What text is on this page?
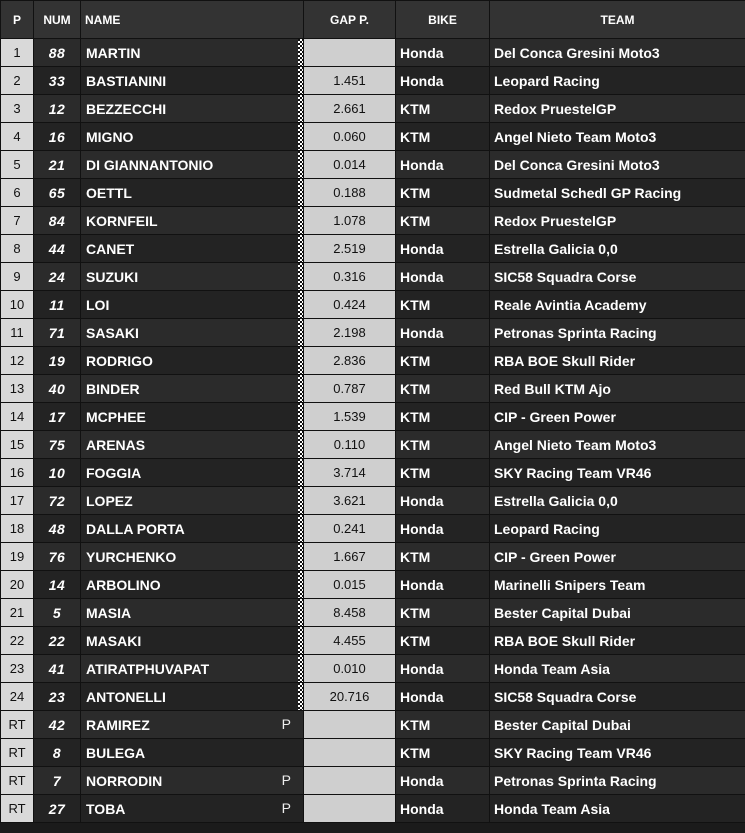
P	NUM	NAME	GAP P.	BIKE	TEAM
1	88	MARTIN		Honda	Del Conca Gresini Moto3
2	33	BASTIANINI	1.451	Honda	Leopard Racing
3	12	BEZZECCHI	2.661	KTM	Redox PruestelGP
4	16	MIGNO	0.060	KTM	Angel Nieto Team Moto3
5	21	DI GIANNANTONIO	0.014	Honda	Del Conca Gresini Moto3
6	65	OETTL	0.188	KTM	Sudmetal Schedl GP Racing
7	84	KORNFEIL	1.078	KTM	Redox PruestelGP
8	44	CANET	2.519	Honda	Estrella Galicia 0,0
9	24	SUZUKI	0.316	Honda	SIC58 Squadra Corse
10	11	LOI	0.424	KTM	Reale Avintia Academy
11	71	SASAKI	2.198	Honda	Petronas Sprinta Racing
12	19	RODRIGO	2.836	KTM	RBA BOE Skull Rider
13	40	BINDER	0.787	KTM	Red Bull KTM Ajo
14	17	MCPHEE	1.539	KTM	CIP - Green Power
15	75	ARENAS	0.110	KTM	Angel Nieto Team Moto3
16	10	FOGGIA	3.714	KTM	SKY Racing Team VR46
17	72	LOPEZ	3.621	Honda	Estrella Galicia 0,0
18	48	DALLA PORTA	0.241	Honda	Leopard Racing
19	76	YURCHENKO	1.667	KTM	CIP - Green Power
20	14	ARBOLINO	0.015	Honda	Marinelli Snipers Team
21	5	MASIA	8.458	KTM	Bester Capital Dubai
22	22	MASAKI	4.455	KTM	RBA BOE Skull Rider
23	41	ATIRATPHUVAPAT	0.010	Honda	Honda Team Asia
24	23	ANTONELLI	20.716	Honda	SIC58 Squadra Corse
RT	42	RAMIREZ P		KTM	Bester Capital Dubai
RT	8	BULEGA		KTM	SKY Racing Team VR46
RT	7	NORRODIN P		Honda	Petronas Sprinta Racing
RT	27	TOBA P		Honda	Honda Team Asia
